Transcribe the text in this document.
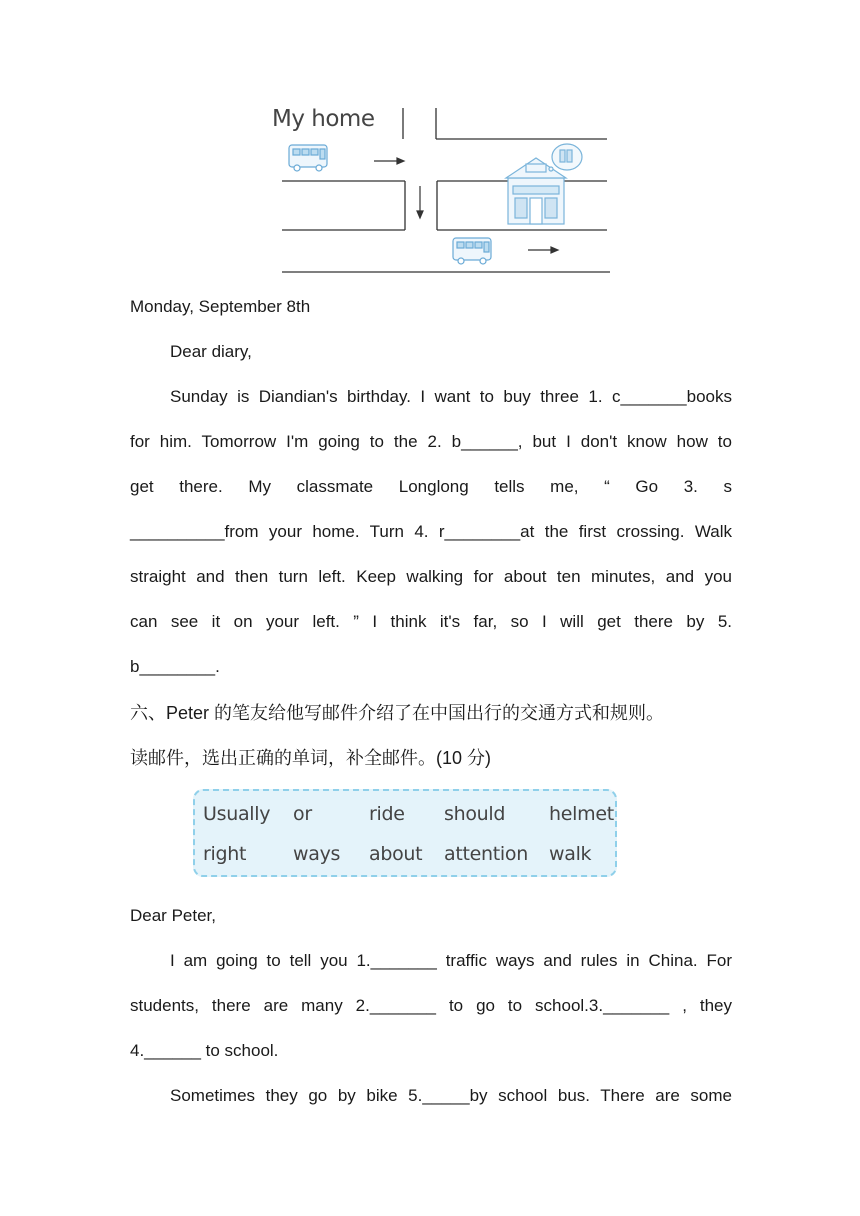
My home
Monday, September 8th
Dear diary,
Sunday is Diandian's birthday. I want to buy three 1. c_______books
for him. Tomorrow I'm going to the 2. b______, but I don't know how to
get there. My classmate Longlong tells me, “ Go 3. s
__________from your home. Turn 4. r________at the first crossing. Walk
straight and then turn left. Keep walking for about ten minutes, and you
can see it on your left. ” I think it's far, so I will get there by 5.
b________.
六、Peter 的笔友给他写邮件介绍了在中国出行的交通方式和规则。
读邮件，选出正确的单词，补全邮件。(10 分)
Usually or	ride should helmet
right ways about attention walk
Dear Peter,
I am going to tell you 1._______ traffic ways and rules in China. For
students, there are many 2._______ to go to school.3._______ , they
4.______ to school.
Sometimes they go by bike 5._____by school bus. There are some
